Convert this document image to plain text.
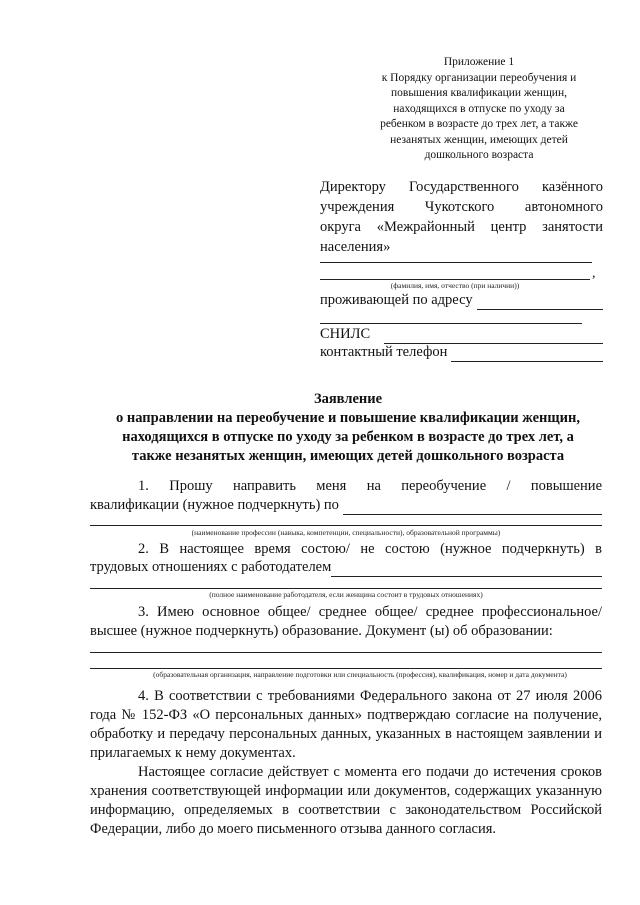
Приложение 1
к Порядку организации переобучения и
повышения квалификации женщин,
находящихся в отпуске по уходу за
ребенком в возрасте до трех лет, а также
незанятых женщин, имеющих детей
дошкольного возраста
Директору Государственного казённого
учреждения Чукотского автономного
округа «Межрайонный центр занятости
населения»
,
(фамилия, имя, отчество (при наличии))
проживающей по адресу
СНИЛС
контактный телефон
Заявление
о направлении на переобучение и повышение квалификации женщин,
находящихся в отпуске по уходу за ребенком в возрасте до трех лет, а
также незанятых женщин, имеющих детей дошкольного возраста
1. Прошу направить меня на переобучение / повышение
квалификации (нужное подчеркнуть) по
(наименование профессии (навыка, компетенции, специальности), образовательной программы)
2. В настоящее время состою/ не состою (нужное подчеркнуть) в
трудовых отношениях с работодателем
(полное наименование работодателя, если женщина состоит в трудовых отношениях)
3. Имею основное общее/ среднее общее/ среднее профессиональное/
высшее (нужное подчеркнуть) образование. Документ (ы) об образовании:
(образовательная организация, направление подготовки или специальность (профессия), квалификация, номер и дата документа)
4. В соответствии с требованиями Федерального закона от 27 июля 2006 года № 152-ФЗ «О персональных данных» подтверждаю согласие на получение, обработку и передачу персональных данных, указанных в настоящем заявлении и прилагаемых к нему документах.
Настоящее согласие действует с момента его подачи до истечения сроков хранения соответствующей информации или документов, содержащих указанную информацию, определяемых в соответствии с законодательством Российской Федерации, либо до моего письменного отзыва данного согласия.
